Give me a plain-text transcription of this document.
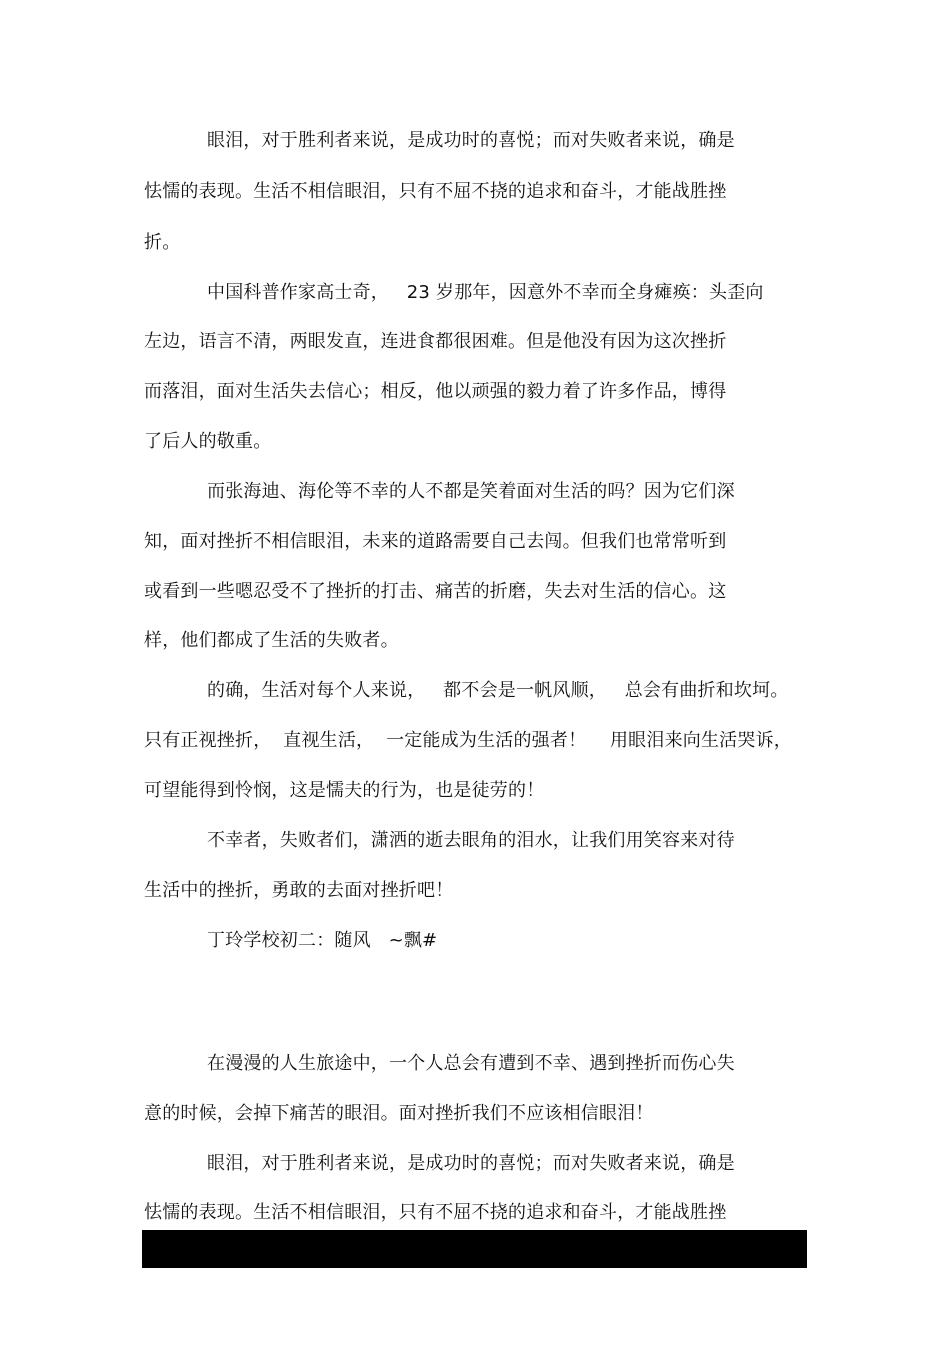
眼泪，对于胜利者来说，是成功时的喜悦；而对失败者来说，确是
怯懦的表现。生活不相信眼泪，只有不屈不挠的追求和奋斗，才能战胜挫
折。
中国科普作家高士奇，   23 岁那年，因意外不幸而全身瘫痪：头歪向
左边，语言不清，两眼发直，连进食都很困难。但是他没有因为这次挫折
而落泪，面对生活失去信心；相反，他以顽强的毅力着了许多作品，博得
了后人的敬重。
而张海迪、海伦等不幸的人不都是笑着面对生活的吗？因为它们深
知，面对挫折不相信眼泪，未来的道路需要自己去闯。但我们也常常听到
或看到一些嗯忍受不了挫折的打击、痛苦的折磨，失去对生活的信心。这
样，他们都成了生活的失败者。
的确，生活对每个人来说，   都不会是一帆风顺，   总会有曲折和坎坷。
只有正视挫折，  直视生活，  一定能成为生活的强者！    用眼泪来向生活哭诉，
可望能得到怜悯，这是懦夫的行为，也是徒劳的！
不幸者，失败者们，潇洒的逝去眼角的泪水，让我们用笑容来对待
生活中的挫折，勇敢的去面对挫折吧！
丁玲学校初二：随风   ~飘#
在漫漫的人生旅途中，一个人总会有遭到不幸、遇到挫折而伤心失
意的时候，会掉下痛苦的眼泪。面对挫折我们不应该相信眼泪！
眼泪，对于胜利者来说，是成功时的喜悦；而对失败者来说，确是
怯懦的表现。生活不相信眼泪，只有不屈不挠的追求和奋斗，才能战胜挫
